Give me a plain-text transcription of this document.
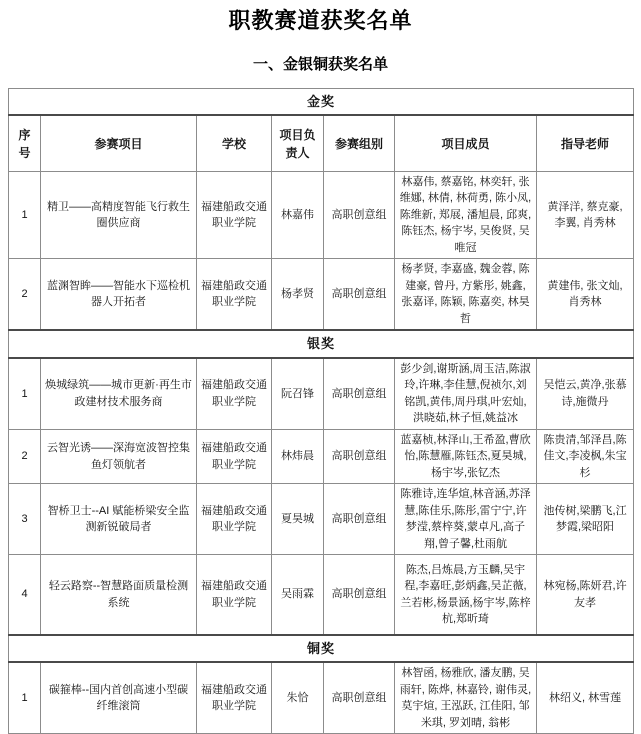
职教赛道获奖名单
一、金银铜获奖名单
金奖						
序号	参赛项目	学校	项目负责人	参赛组别	项目成员	指导老师
1	精卫——高精度智能飞行救生圈供应商	福建船政交通职业学院	林嘉伟	高职创意组	林嘉伟, 蔡嘉铭, 林奕轩, 张维娜, 林倩, 林荷勇, 陈小凤, 陈维新, 郑展, 潘旭晨, 邱爽, 陈钰杰, 杨宇岑, 吴俊贤, 吴唯冠	黄泽洋, 蔡克豪, 李翼, 肖秀林
2	蓝渊智眸——智能水下巡检机器人开拓者	福建船政交通职业学院	杨孝贤	高职创意组	杨孝贤, 李嘉盛, 魏金蓉, 陈建豪, 曾丹, 方紫彤, 姚鑫, 张嘉译, 陈颖, 陈嘉奕, 林昊哲	黄建伟, 张文灿, 肖秀林
银奖						
1	焕城绿筑——城市更新·再生市政建材技术服务商	福建船政交通职业学院	阮召锋	高职创意组	彭少剑,谢斯涵,周玉洁,陈淑玲,许琳,李佳慧,倪祯尔,刘铭凯,黄伟,周丹琪,叶宏灿,洪晓茹,林子恒,姚益冰	吴恺云,黄净,张慕诗,施微丹
2	云智光诱——深海宽波智控集鱼灯领航者	福建船政交通职业学院	林炜晨	高职创意组	蓝嘉桢,林泽山,王希盈,曹欣怡,陈慧雁,陈钰杰,夏昊城,杨宇岑,张钇杰	陈贵清,邹泽昌,陈佳文,李凌枫,朱宝杉
3	智桥卫士--AI 赋能桥梁安全监测新锐破局者	福建船政交通职业学院	夏昊城	高职创意组	陈雅诗,连华煊,林音涵,苏泽慧,陈佳乐,陈彤,雷宁宁,许梦滢,蔡梓葵,蒙卓凡,高子翔,曾子馨,杜雨航	池传树,梁鹏飞,江梦霞,梁昭阳
4	轻云路察--智慧路面质量检测系统	福建船政交通职业学院	吴雨霖	高职创意组	陈杰,吕炼晨,方玉麟,吴宇程,李嘉旺,彭炳鑫,吴芷薇,兰若彬,杨景涵,杨宇岑,陈梓杭,郑昕琦	林宛杨,陈妍君,许友孝
铜奖						
1	碳箍棒--国内首创高速小型碳纤维滚筒	福建船政交通职业学院	朱恰	高职创意组	林智函, 杨雅欣, 潘友鹏, 吴雨轩, 陈烨, 林嘉铃, 谢伟灵, 莫宇煊, 王泓跃, 江佳阳, 邹米琪, 罗刘晴, 翁彬	林绍义, 林雪莲
